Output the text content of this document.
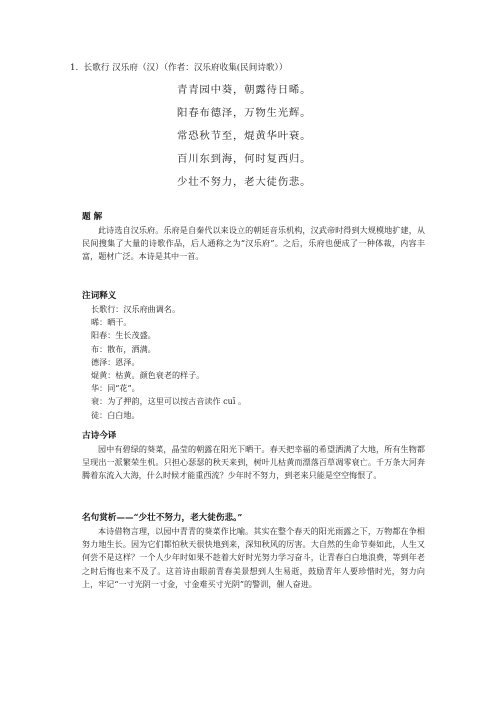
1. 长歌行 汉乐府（汉）（作者：汉乐府收集(民间诗歌））
青青园中葵，朝露待日晞。
阳春布德泽，万物生光辉。
常恐秋节至，焜黄华叶衰。
百川东到海，何时复西归。
少壮不努力，老大徒伤悲。
题 解
此诗选自汉乐府。乐府是自秦代以来设立的朝廷音乐机构，汉武帝时得到大规模地扩建，从民间搜集了大量的诗歌作品，后人通称之为“汉乐府”。之后，乐府也便成了一种体裁，内容丰富，题材广泛。本诗是其中一首。
注词释义
长歌行：汉乐府曲调名。
晞：晒干。
阳春：生长茂盛。
布：散布，洒满。
德泽：恩泽。
焜黄：枯黄。颜色衰老的样子。
华：同“花”。
衰：为了押韵，这里可以按古音读作 cuī 。
徒：白白地。
古诗今译
园中有碧绿的葵菜，晶莹的朝露在阳光下晒干。春天把幸福的希望洒满了大地，所有生物都呈现出一派繁荣生机。只担心瑟瑟的秋天来到，树叶儿枯黄而漂落百草凋零衰亡。千万条大河奔腾着东流入大海，什么时候才能重西流？少年时不努力，到老来只能是空空悔恨了。
名句赏析——“少壮不努力，老大徒伤悲。”
本诗借物言理，以园中青青的葵菜作比喻。其实在整个春天的阳光雨露之下，万物都在争相努力地生长。因为它们都怕秋天很快地到来，深知秋风的厉害。大自然的生命节奏如此，人生又何尝不是这样？一个人少年时如果不趁着大好时光努力学习奋斗，让青春白白地浪费，等到年老之时后悔也来不及了。这首诗由眼前青春美景想到人生易逝，鼓励青年人要珍惜时光，努力向上，牢记“一寸光阴一寸金，寸金难买寸光阴”的警训，催人奋进。
